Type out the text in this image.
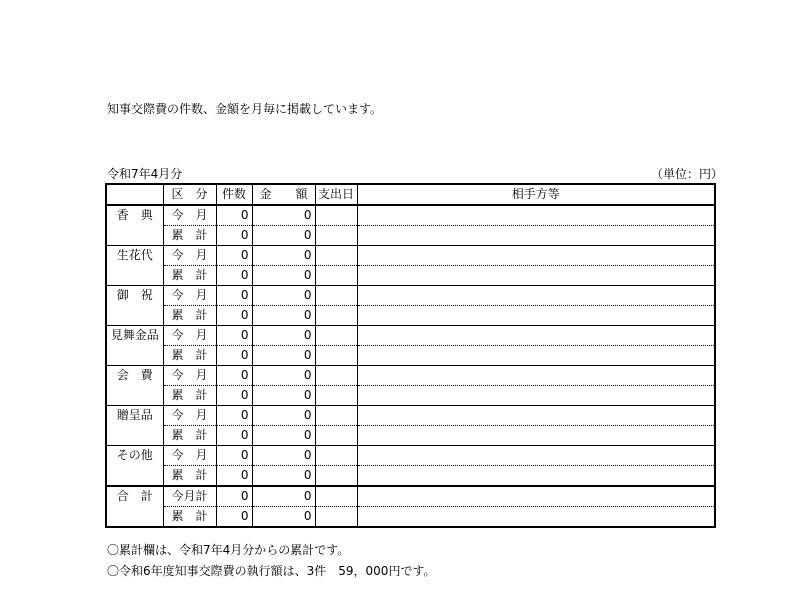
知事交際費の件数、金額を月毎に掲載しています。
令和7年4月分	（単位：円）
	区　分	件数	金　　額	支出日	相手方等
香　典	今　月	0	0		
	累　計	0	0		
生花代	今　月	0	0		
	累　計	0	0		
御　祝	今　月	0	0		
	累　計	0	0		
見舞金品	今　月	0	0		
	累　計	0	0		
会　費	今　月	0	0		
	累　計	0	0		
贈呈品	今　月	0	0		
	累　計	0	0		
その他	今　月	0	0		
	累　計	0	0		
合　計	今月計	0	0		
	累　計	0	0		
〇累計欄は、令和7年4月分からの累計です。
〇令和6年度知事交際費の執行額は、3件　59，000円です。
